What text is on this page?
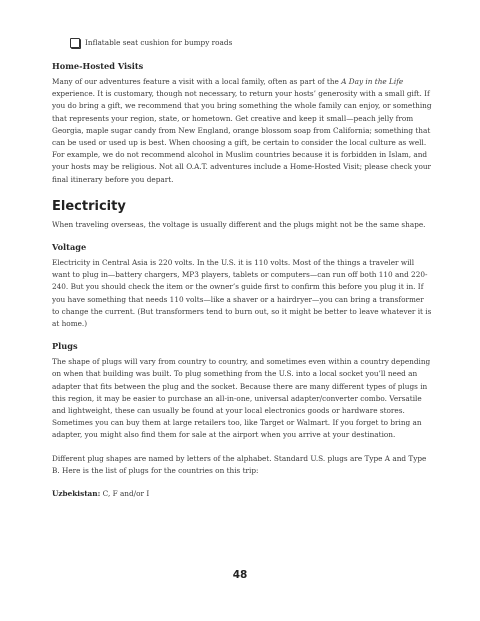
Inflatable seat cushion for bumpy roads
Home-Hosted Visits

Many of our adventures feature a visit with a local family, often as part of the A Day in the Life experience. It is customary, though not necessary, to return your hosts’ generosity with a small gift. If you do bring a gift, we recommend that you bring something the whole family can enjoy, or something that represents your region, state, or hometown. Get creative and keep it small—peach jelly from Georgia, maple sugar candy from New England, orange blossom soap from California; something that can be used or used up is best. When choosing a gift, be certain to consider the local culture as well. For example, we do not recommend alcohol in Muslim countries because it is forbidden in Islam, and your hosts may be religious. Not all O.A.T. adventures include a Home-Hosted Visit; please check your final itinerary before you depart.

Electricity

When traveling overseas, the voltage is usually different and the plugs might not be the same shape.

Voltage

Electricity in Central Asia is 220 volts. In the U.S. it is 110 volts. Most of the things a traveler will want to plug in—battery chargers, MP3 players, tablets or computers—can run off both 110 and 220-240. But you should check the item or the owner’s guide first to confirm this before you plug it in. If you have something that needs 110 volts—like a shaver or a hairdryer—you can bring a transformer to change the current. (But transformers tend to burn out, so it might be better to leave whatever it is at home.)

Plugs

The shape of plugs will vary from country to country, and sometimes even within a country depending on when that building was built. To plug something from the U.S. into a local socket you’ll need an adapter that fits between the plug and the socket. Because there are many different types of plugs in this region, it may be easier to purchase an all-in-one, universal adapter/converter combo. Versatile and lightweight, these can usually be found at your local electronics goods or hardware stores. Sometimes you can buy them at large retailers too, like Target or Walmart. If you forget to bring an adapter, you might also find them for sale at the airport when you arrive at your destination.

Different plug shapes are named by letters of the alphabet. Standard U.S. plugs are Type A and Type B. Here is the list of plugs for the countries on this trip:

Uzbekistan: C, F and/or I

48
